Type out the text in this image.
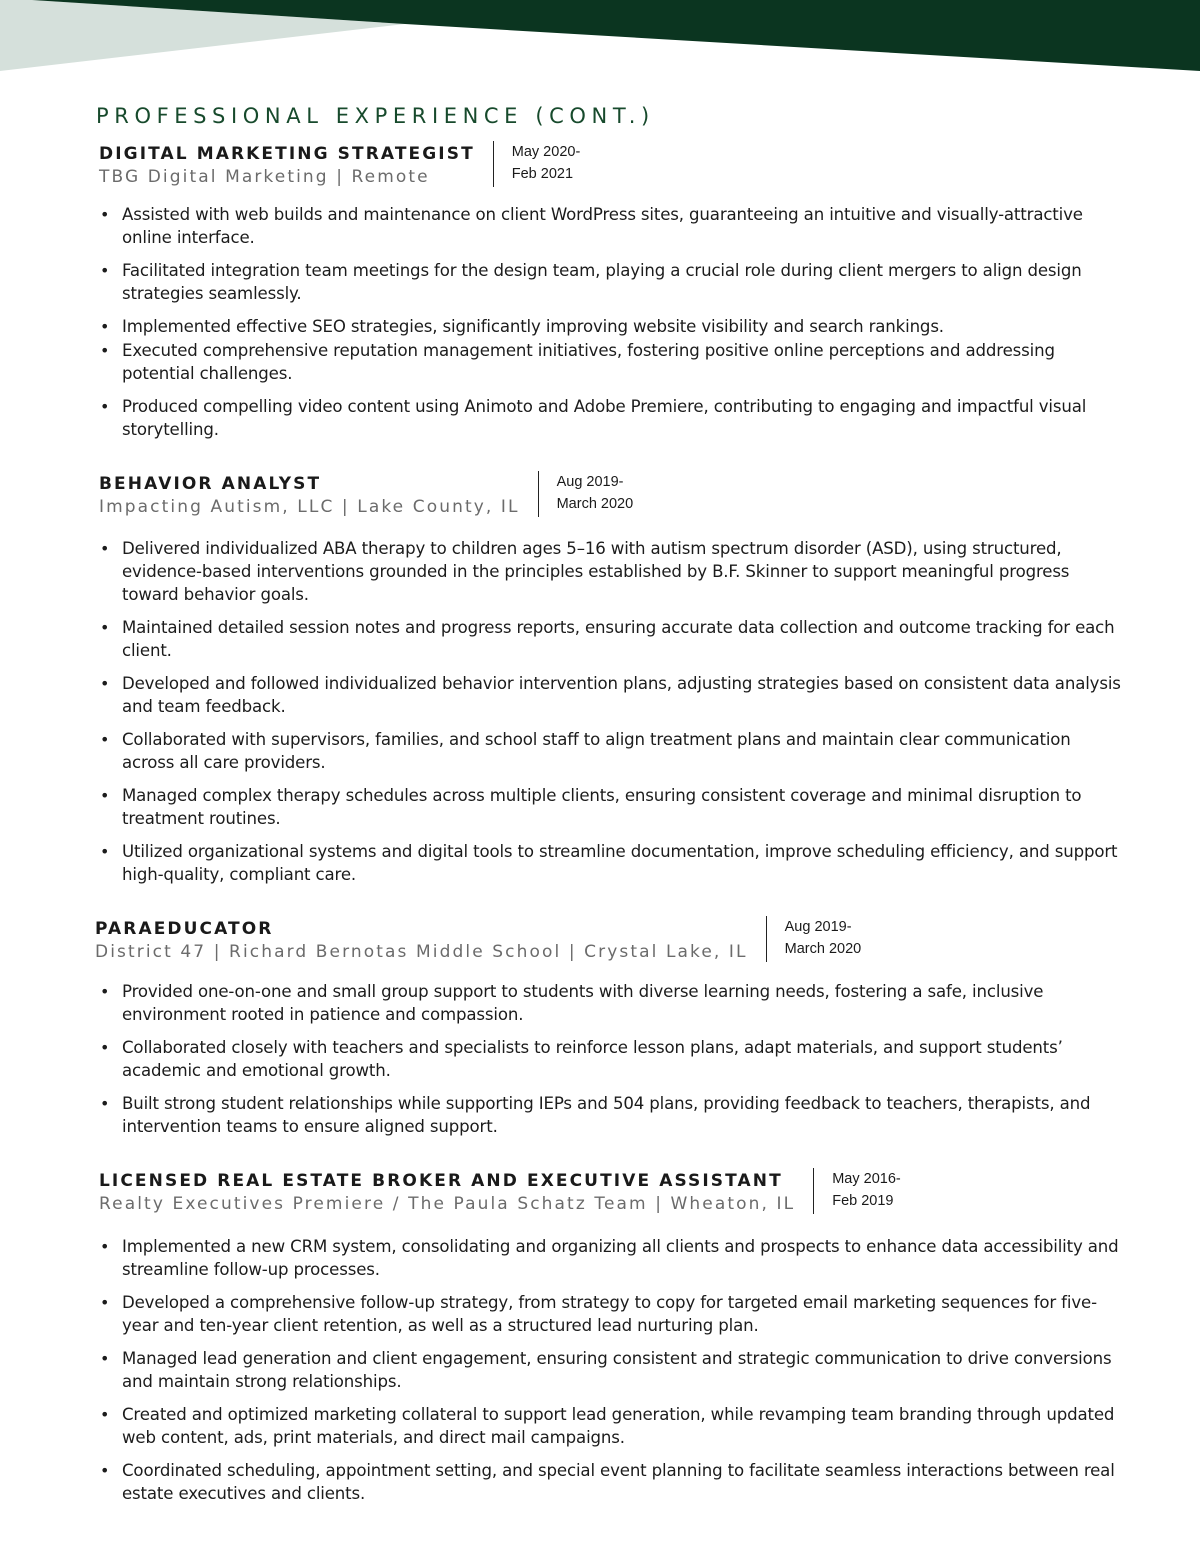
PROFESSIONAL EXPERIENCE (CONT.)
DIGITAL MARKETING STRATEGIST
TBG Digital Marketing | Remote
May 2020-
Feb 2021
• Assisted with web builds and maintenance on client WordPress sites, guaranteeing an intuitive and visually-attractive online interface.
• Facilitated integration team meetings for the design team, playing a crucial role during client mergers to align design strategies seamlessly.
• Implemented effective SEO strategies, significantly improving website visibility and search rankings.
• Executed comprehensive reputation management initiatives, fostering positive online perceptions and addressing potential challenges.
• Produced compelling video content using Animoto and Adobe Premiere, contributing to engaging and impactful visual storytelling.
BEHAVIOR ANALYST
Impacting Autism, LLC | Lake County, IL
Aug 2019-
March 2020
• Delivered individualized ABA therapy to children ages 5–16 with autism spectrum disorder (ASD), using structured, evidence-based interventions grounded in the principles established by B.F. Skinner to support meaningful progress toward behavior goals.
• Maintained detailed session notes and progress reports, ensuring accurate data collection and outcome tracking for each client.
• Developed and followed individualized behavior intervention plans, adjusting strategies based on consistent data analysis and team feedback.
• Collaborated with supervisors, families, and school staff to align treatment plans and maintain clear communication across all care providers.
• Managed complex therapy schedules across multiple clients, ensuring consistent coverage and minimal disruption to treatment routines.
• Utilized organizational systems and digital tools to streamline documentation, improve scheduling efficiency, and support high-quality, compliant care.
PARAEDUCATOR
District 47 | Richard Bernotas Middle School | Crystal Lake, IL
Aug 2019-
March 2020
• Provided one-on-one and small group support to students with diverse learning needs, fostering a safe, inclusive environment rooted in patience and compassion.
• Collaborated closely with teachers and specialists to reinforce lesson plans, adapt materials, and support students’ academic and emotional growth.
• Built strong student relationships while supporting IEPs and 504 plans, providing feedback to teachers, therapists, and intervention teams to ensure aligned support.
LICENSED REAL ESTATE BROKER AND EXECUTIVE ASSISTANT
Realty Executives Premiere / The Paula Schatz Team | Wheaton, IL
May 2016-
Feb 2019
• Implemented a new CRM system, consolidating and organizing all clients and prospects to enhance data accessibility and streamline follow-up processes.
• Developed a comprehensive follow-up strategy, from strategy to copy for targeted email marketing sequences for five-year and ten-year client retention, as well as a structured lead nurturing plan.
• Managed lead generation and client engagement, ensuring consistent and strategic communication to drive conversions and maintain strong relationships.
• Created and optimized marketing collateral to support lead generation, while revamping team branding through updated web content, ads, print materials, and direct mail campaigns.
• Coordinated scheduling, appointment setting, and special event planning to facilitate seamless interactions between real estate executives and clients.
